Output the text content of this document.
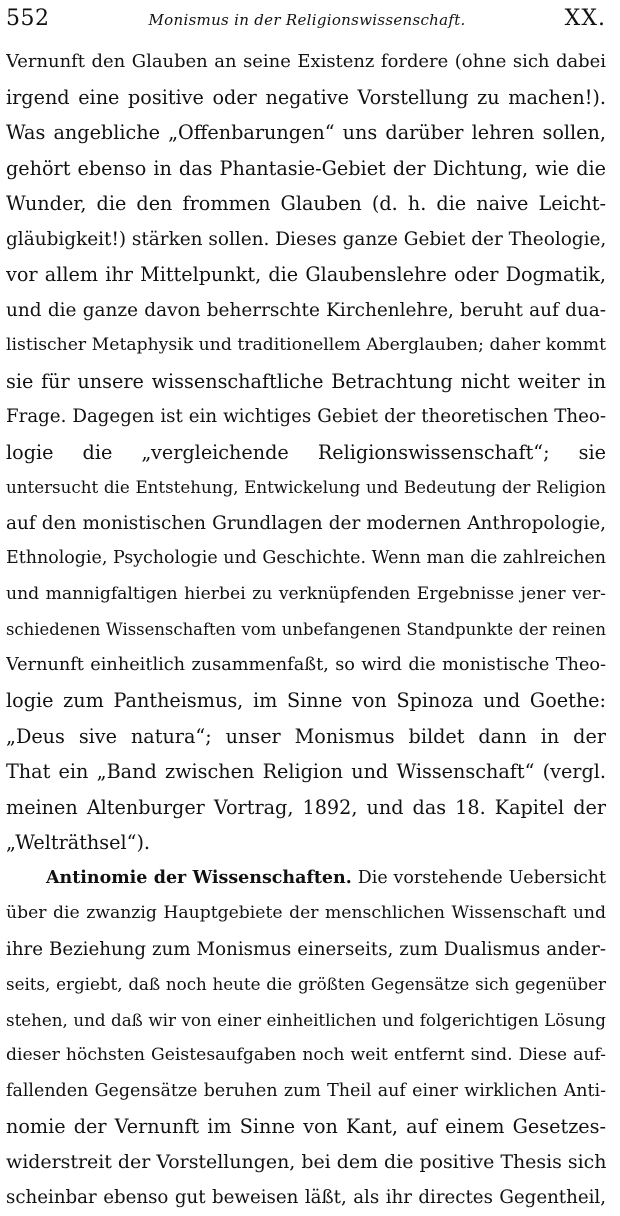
552	Monismus in der Religionswissenschaft.	XX.
Vernunft den Glauben an seine Existenz fordere (ohne sich dabei
irgend eine positive oder negative Vorstellung zu machen!).
Was angebliche „Offenbarungen“ uns darüber lehren sollen,
gehört ebenso in das Phantasie-Gebiet der Dichtung, wie die
Wunder, die den frommen Glauben (d. h. die naive Leicht-
gläubigkeit!) stärken sollen. Dieses ganze Gebiet der Theologie,
vor allem ihr Mittelpunkt, die Glaubenslehre oder Dogmatik,
und die ganze davon beherrschte Kirchenlehre, beruht auf dua-
listischer Metaphysik und traditionellem Aberglauben; daher kommt
sie für unsere wissenschaftliche Betrachtung nicht weiter in
Frage. Dagegen ist ein wichtiges Gebiet der theoretischen Theo-
logie die „vergleichende Religionswissenschaft“; sie
untersucht die Entstehung, Entwickelung und Bedeutung der Religion
auf den monistischen Grundlagen der modernen Anthropologie,
Ethnologie, Psychologie und Geschichte. Wenn man die zahlreichen
und mannigfaltigen hierbei zu verknüpfenden Ergebnisse jener ver-
schiedenen Wissenschaften vom unbefangenen Standpunkte der reinen
Vernunft einheitlich zusammenfaßt, so wird die monistische Theo-
logie zum Pantheismus, im Sinne von Spinoza und Goethe:
„Deus sive natura“; unser Monismus bildet dann in der
That ein „Band zwischen Religion und Wissenschaft“ (vergl.
meinen Altenburger Vortrag, 1892, und das 18. Kapitel der
„Welträthsel“).
Antinomie der Wissenschaften. Die vorstehende Uebersicht
über die zwanzig Hauptgebiete der menschlichen Wissenschaft und
ihre Beziehung zum Monismus einerseits, zum Dualismus ander-
seits, ergiebt, daß noch heute die größten Gegensätze sich gegenüber
stehen, und daß wir von einer einheitlichen und folgerichtigen Lösung
dieser höchsten Geistesaufgaben noch weit entfernt sind. Diese auf-
fallenden Gegensätze beruhen zum Theil auf einer wirklichen Anti-
nomie der Vernunft im Sinne von Kant, auf einem Gesetzes-
widerstreit der Vorstellungen, bei dem die positive Thesis sich
scheinbar ebenso gut beweisen läßt, als ihr directes Gegentheil,
